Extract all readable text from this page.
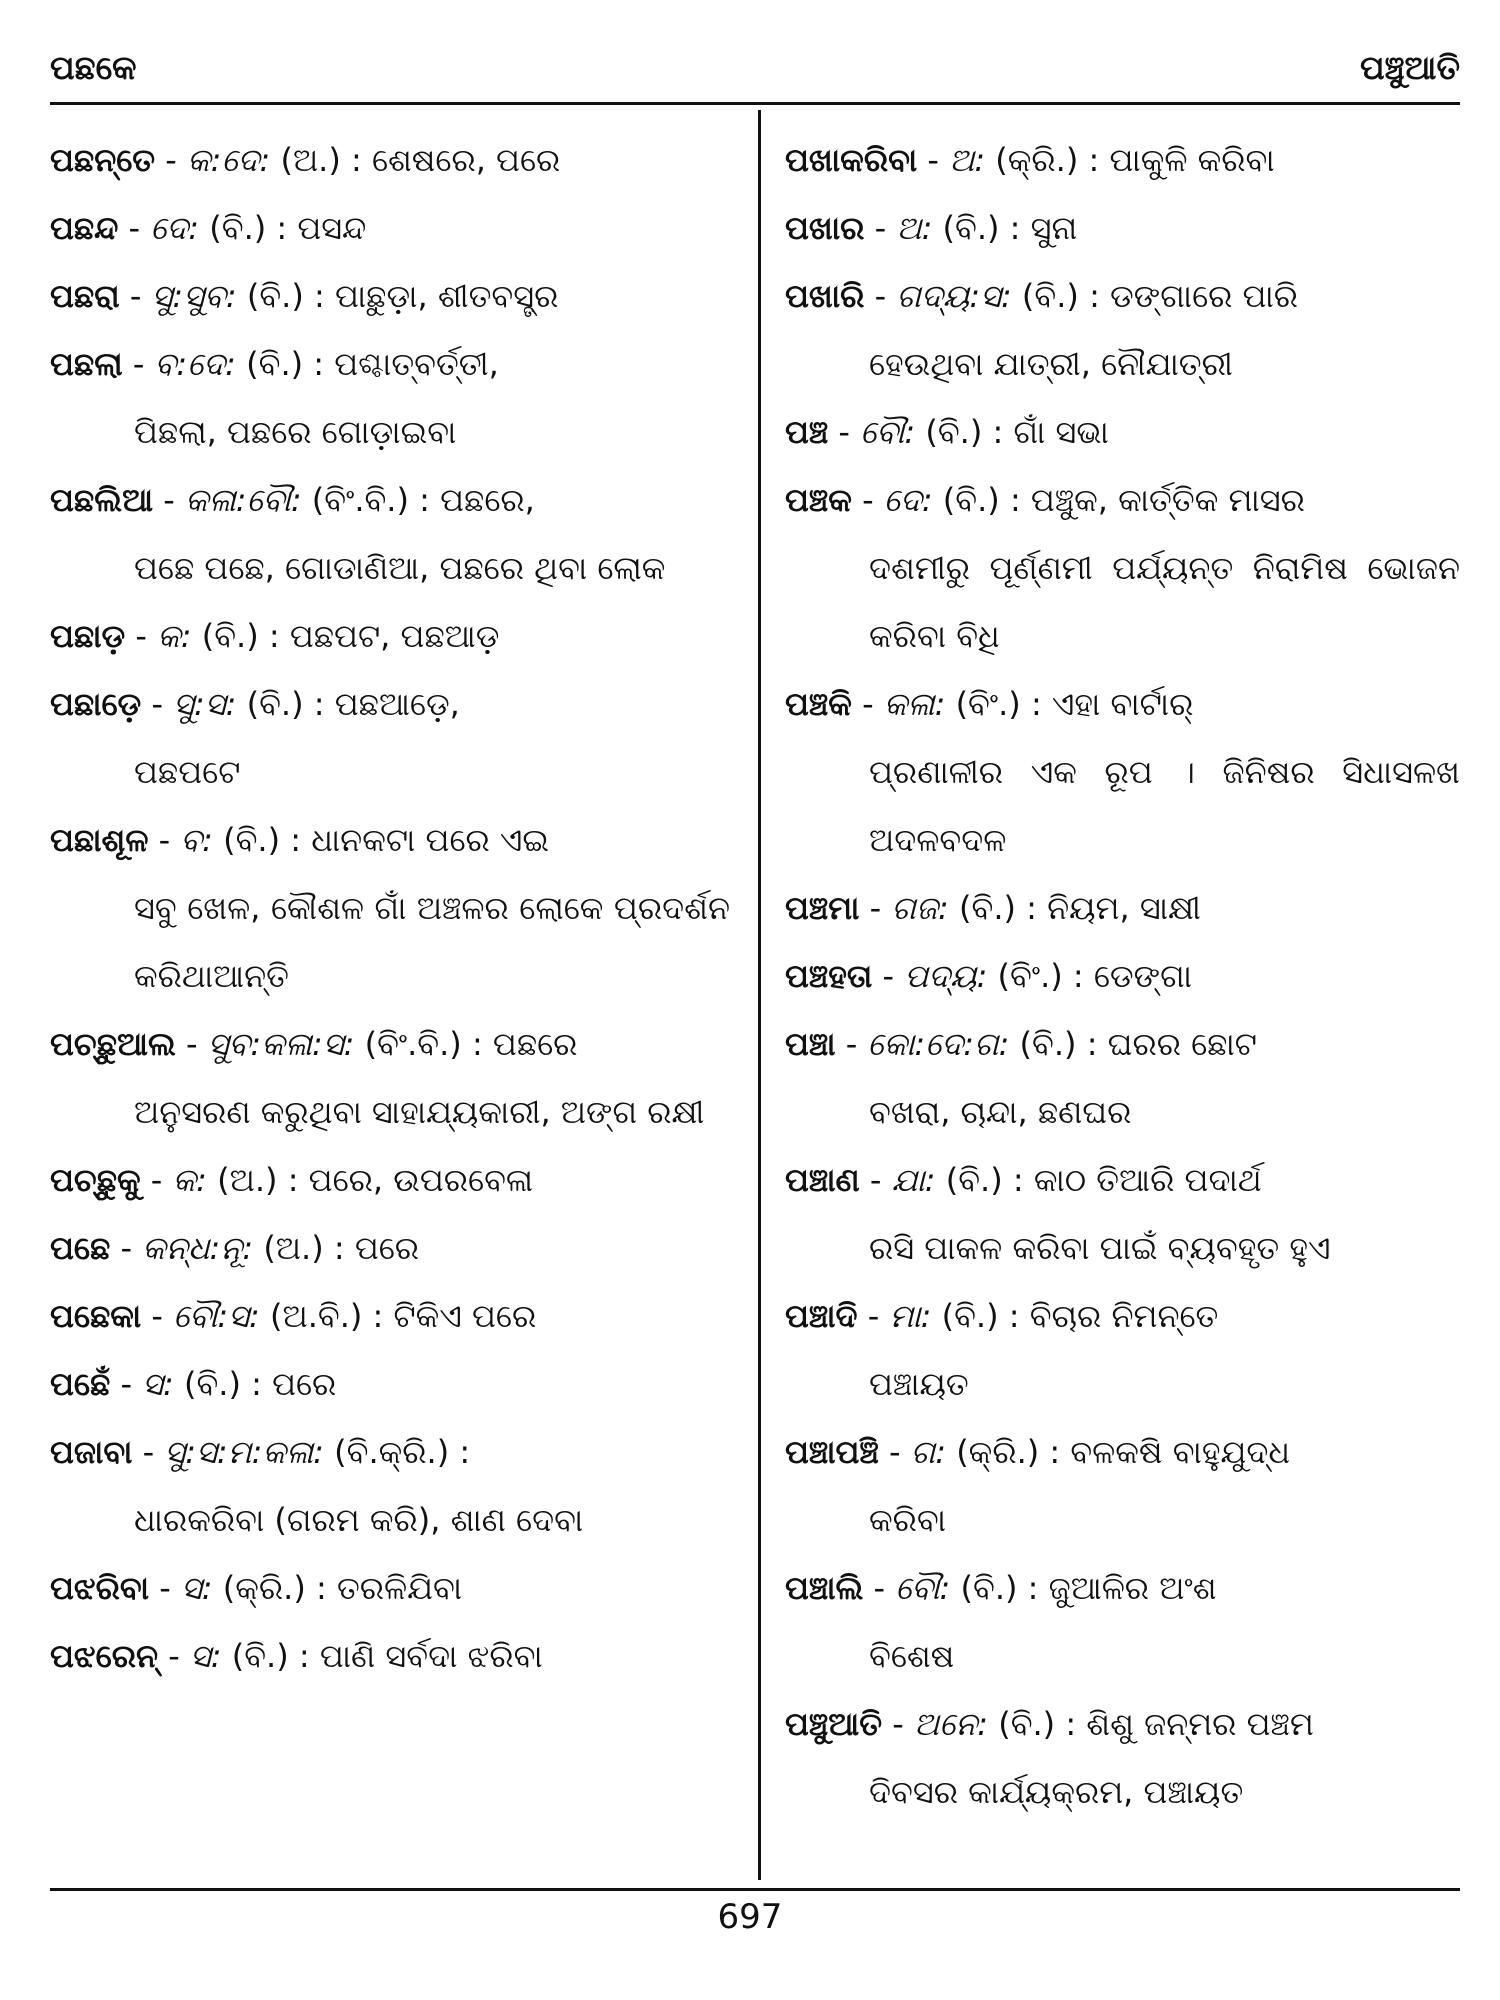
ପଛକେ	ପଞ୍ଚୁଆତି
ପଛନ୍ତେ - କ:ଦେ: (ଅ.) : ଶେଷରେ, ପରେ
ପଛନ୍ଦ - ଦେ: (ବି.) : ପସନ୍ଦ
ପଛରା - ସୁ:ସୁବ: (ବି.) : ପାଛୁଡ଼ା, ଶୀତବସ୍ତ୍ର
ପଛଲା - ବ:ଦେ: (ବି.) : ପଶ୍ଚାତ୍ବର୍ତ୍ତୀ,
ପିଛଲା, ପଛରେ ଗୋଡ଼ାଇବା
ପଛଲିଆ - କଳା:ବୌ: (ବିଂ.ବି.) : ପଛରେ,
ପଛେ ପଛେ, ଗୋଡାଣିଆ, ପଛରେ ଥିବା ଲୋକ
ପଛାଡ଼ - କ: (ବି.) : ପଛପଟ, ପଛଆଡ଼
ପଛାଡ଼େ - ସୁ:ସ: (ବି.) : ପଛଆଡ଼େ,
ପଛପଟେ
ପଛାଶୂଳ - ବ: (ବି.) : ଧାନକଟା ପରେ ଏଇ
ସବୁ ଖେଳ, କୌଶଳ ଗାଁ ଅଞ୍ଚଳର ଲୋକେ ପ୍ରଦର୍ଶନ କରିଥାଆନ୍ତି
ପଚ୍ଛୁଆଲ - ସୁବ:କଳା:ସ: (ବିଂ.ବି.) : ପଛରେ
ଅନୁସରଣ କରୁଥିବା ସାହାଯ୍ୟକାରୀ, ଅଙ୍ଗ ରକ୍ଷୀ
ପଚ୍ଛୁକୁ - କ: (ଅ.) : ପରେ, ଉପରବେଳା
ପଛେ - କନ୍ଧ:ନୂ: (ଅ.) : ପରେ
ପଛେକା - ବୌ:ସ: (ଅ.ବି.) : ଟିକିଏ ପରେ
ପଛେଁ - ସ: (ବି.) : ପରେ
ପଜାବା - ସୁ:ସ:ମ:କଳା: (ବି.କ୍ରି.) :
ଧାରକରିବା (ଗରମ କରି), ଶାଣ ଦେବା
ପଝରିବା - ସ: (କ୍ରି.) : ତରଳିଯିବା
ପଝରେନ୍ - ସ: (ବି.) : ପାଣି ସର୍ବଦା ଝରିବା
ପଖାକରିବା - ଅ: (କ୍ରି.) : ପାକୁଳି କରିବା
ପଖାର - ଅ: (ବି.) : ସୁନା
ପଖାରି - ଗଦ୍ୟ:ସ: (ବି.) : ଡଙ୍ଗାରେ ପାରି
ହେଉଥିବା ଯାତ୍ରୀ, ନୌଯାତ୍ରୀ
ପଞ୍ଚ - ବୌ: (ବି.) : ଗାଁ ସଭା
ପଞ୍ଚକ - ଦେ: (ବି.) : ପଞ୍ଚୁକ, କାର୍ତ୍ତିକ ମାସର
ଦଶମୀରୁ ପୂର୍ଣ୍ଣମୀ ପର୍ଯ୍ୟନ୍ତ ନିରାମିଷ ଭୋଜନ କରିବା ବିଧି
ପଞ୍ଚକି - କଳା: (ବିଂ.) : ଏହା ବାର୍ଟାର୍
ପ୍ରଣାଳୀର ଏକ ରୂପ । ଜିନିଷର ସିଧାସଳଖ ଅଦଳବଦଳ
ପଞ୍ଚମା - ଗଜ: (ବି.) : ନିୟମ, ସାକ୍ଷୀ
ପଞ୍ଚହତା - ପଦ୍ୟ: (ବିଂ.) : ଡେଙ୍ଗା
ପଞ୍ଚା - କୋ:ଦେ:ଗ: (ବି.) : ଘରର ଛୋଟ
ବଖରା, ଚାନ୍ଦା, ଛଣଘର
ପଞ୍ଚାଣ - ଯା: (ବି.) : କାଠ ତିଆରି ପଦାର୍ଥ
ରସି ପାକଳ କରିବା ପାଇଁ ବ୍ୟବହୃତ ହୁଏ
ପଞ୍ଚାଦି - ମା: (ବି.) : ବିଚାର ନିମନ୍ତେ
ପଞ୍ଚାୟତ
ପଞ୍ଚାପଞ୍ଚି - ଗ: (କ୍ରି.) : ବଳକଷି ବାହୁଯୁଦ୍ଧ
କରିବା
ପଞ୍ଚାଲି - ବୌ: (ବି.) : ଜୁଆଳିର ଅଂଶ
ବିଶେଷ
ପଞ୍ଚୁଆତି - ଅନେ: (ବି.) : ଶିଶୁ ଜନ୍ମର ପଞ୍ଚମ
ଦିବସର କାର୍ଯ୍ୟକ୍ରମ, ପଞ୍ଚାୟତ
697
